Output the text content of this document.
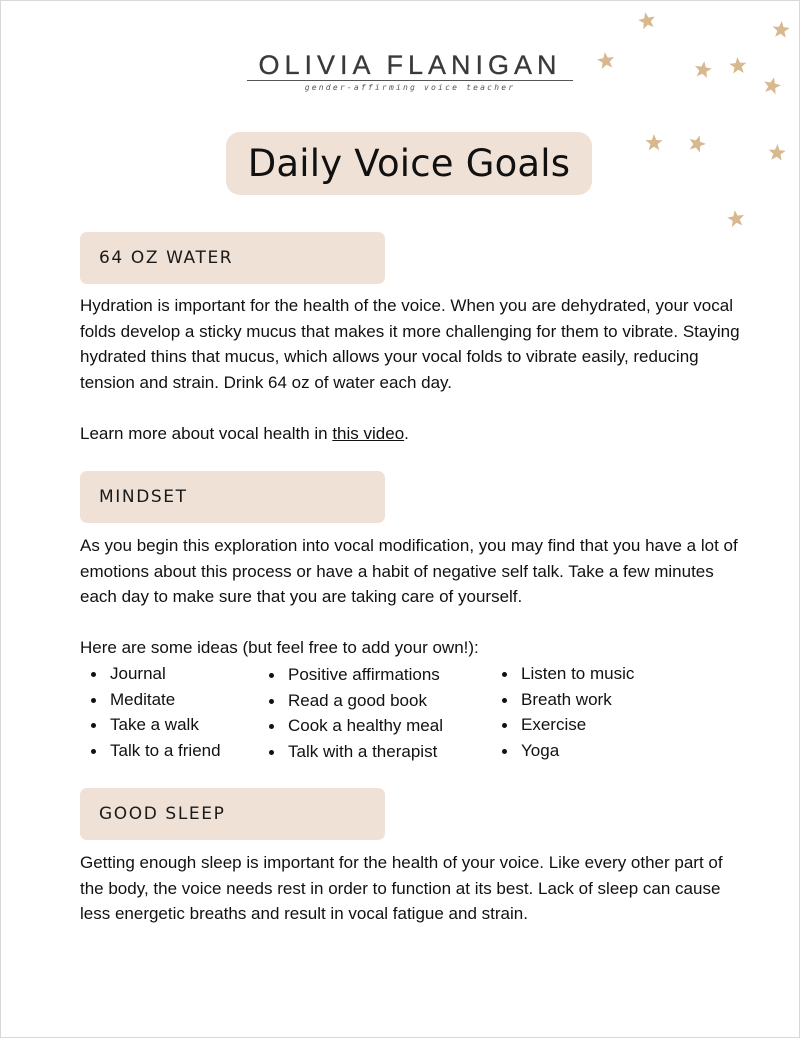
OLIVIA FLANIGAN
gender-affirming voice teacher
Daily Voice Goals
64 OZ WATER

Hydration is important for the health of the voice. When you are dehydrated, your vocal folds develop a sticky mucus that makes it more challenging for them to vibrate. Staying hydrated thins that mucus, which allows your vocal folds to vibrate easily, reducing tension and strain. Drink 64 oz of water each day.

Learn more about vocal health in this video.

MINDSET

As you begin this exploration into vocal modification, you may find that you have a lot of emotions about this process or have a habit of negative self talk. Take a few minutes each day to make sure that you are taking care of yourself.

Here are some ideas (but feel free to add your own!):

Journal
Meditate
Take a walk
Talk to a friend
Positive affirmations
Read a good book
Cook a healthy meal
Talk with a therapist
Listen to music
Breath work
Exercise
Yoga
GOOD SLEEP

Getting enough sleep is important for the health of your voice. Like every other part of the body, the voice needs rest in order to function at its best. Lack of sleep can cause less energetic breaths and result in vocal fatigue and strain.
